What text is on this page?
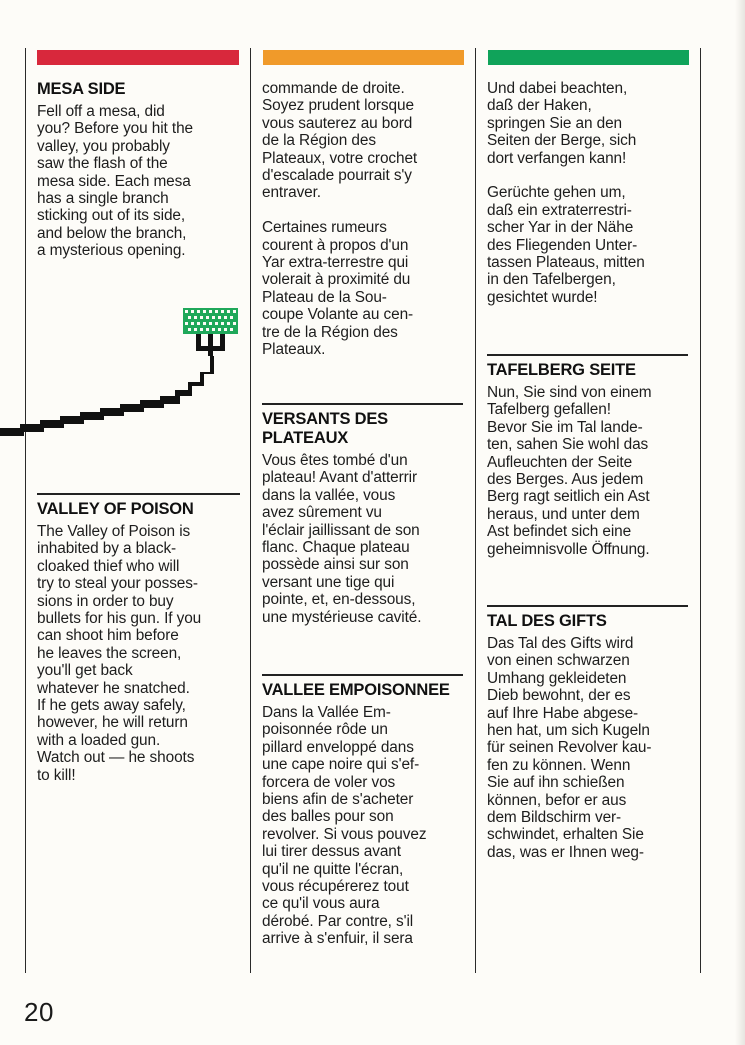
MESA SIDE

Fell off a mesa, did
you? Before you hit the
valley, you probably
saw the flash of the
mesa side. Each mesa
has a single branch
sticking out of its side,
and below the branch,
a mysterious opening.

VALLEY OF POISON

The Valley of Poison is
inhabited by a black-
cloaked thief who will
try to steal your posses-
sions in order to buy
bullets for his gun. If you
can shoot him before
he leaves the screen,
you'll get back
whatever he snatched.
If he gets away safely,
however, he will return
with a loaded gun.
Watch out — he shoots
to kill!

commande de droite.
Soyez prudent lorsque
vous sauterez au bord
de la Région des
Plateaux, votre crochet
d'escalade pourrait s'y
entraver.

Certaines rumeurs
courent à propos d'un
Yar extra-terrestre qui
volerait à proximité du
Plateau de la Sou-
coupe Volante au cen-
tre de la Région des
Plateaux.

VERSANTS DES
PLATEAUX

Vous êtes tombé d'un
plateau! Avant d'atterrir
dans la vallée, vous
avez sûrement vu
l'éclair jaillissant de son
flanc. Chaque plateau
possède ainsi sur son
versant une tige qui
pointe, et, en-dessous,
une mystérieuse cavité.

VALLEE EMPOISONNEE

Dans la Vallée Em-
poisonnée rôde un
pillard enveloppé dans
une cape noire qui s'ef-
forcera de voler vos
biens afin de s'acheter
des balles pour son
revolver. Si vous pouvez
lui tirer dessus avant
qu'il ne quitte l'écran,
vous récupérerez tout
ce qu'il vous aura
dérobé. Par contre, s'il
arrive à s'enfuir, il sera

Und dabei beachten,
daß der Haken,
springen Sie an den
Seiten der Berge, sich
dort verfangen kann!

Gerüchte gehen um,
daß ein extraterrestri-
scher Yar in der Nähe
des Fliegenden Unter-
tassen Plateaus, mitten
in den Tafelbergen,
gesichtet wurde!

TAFELBERG SEITE

Nun, Sie sind von einem
Tafelberg gefallen!
Bevor Sie im Tal lande-
ten, sahen Sie wohl das
Aufleuchten der Seite
des Berges. Aus jedem
Berg ragt seitlich ein Ast
heraus, und unter dem
Ast befindet sich eine
geheimnisvolle Öffnung.

TAL DES GIFTS

Das Tal des Gifts wird
von einen schwarzen
Umhang gekleideten
Dieb bewohnt, der es
auf Ihre Habe abgese-
hen hat, um sich Kugeln
für seinen Revolver kau-
fen zu können. Wenn
Sie auf ihn schießen
können, befor er aus
dem Bildschirm ver-
schwindet, erhalten Sie
das, was er Ihnen weg-

20
